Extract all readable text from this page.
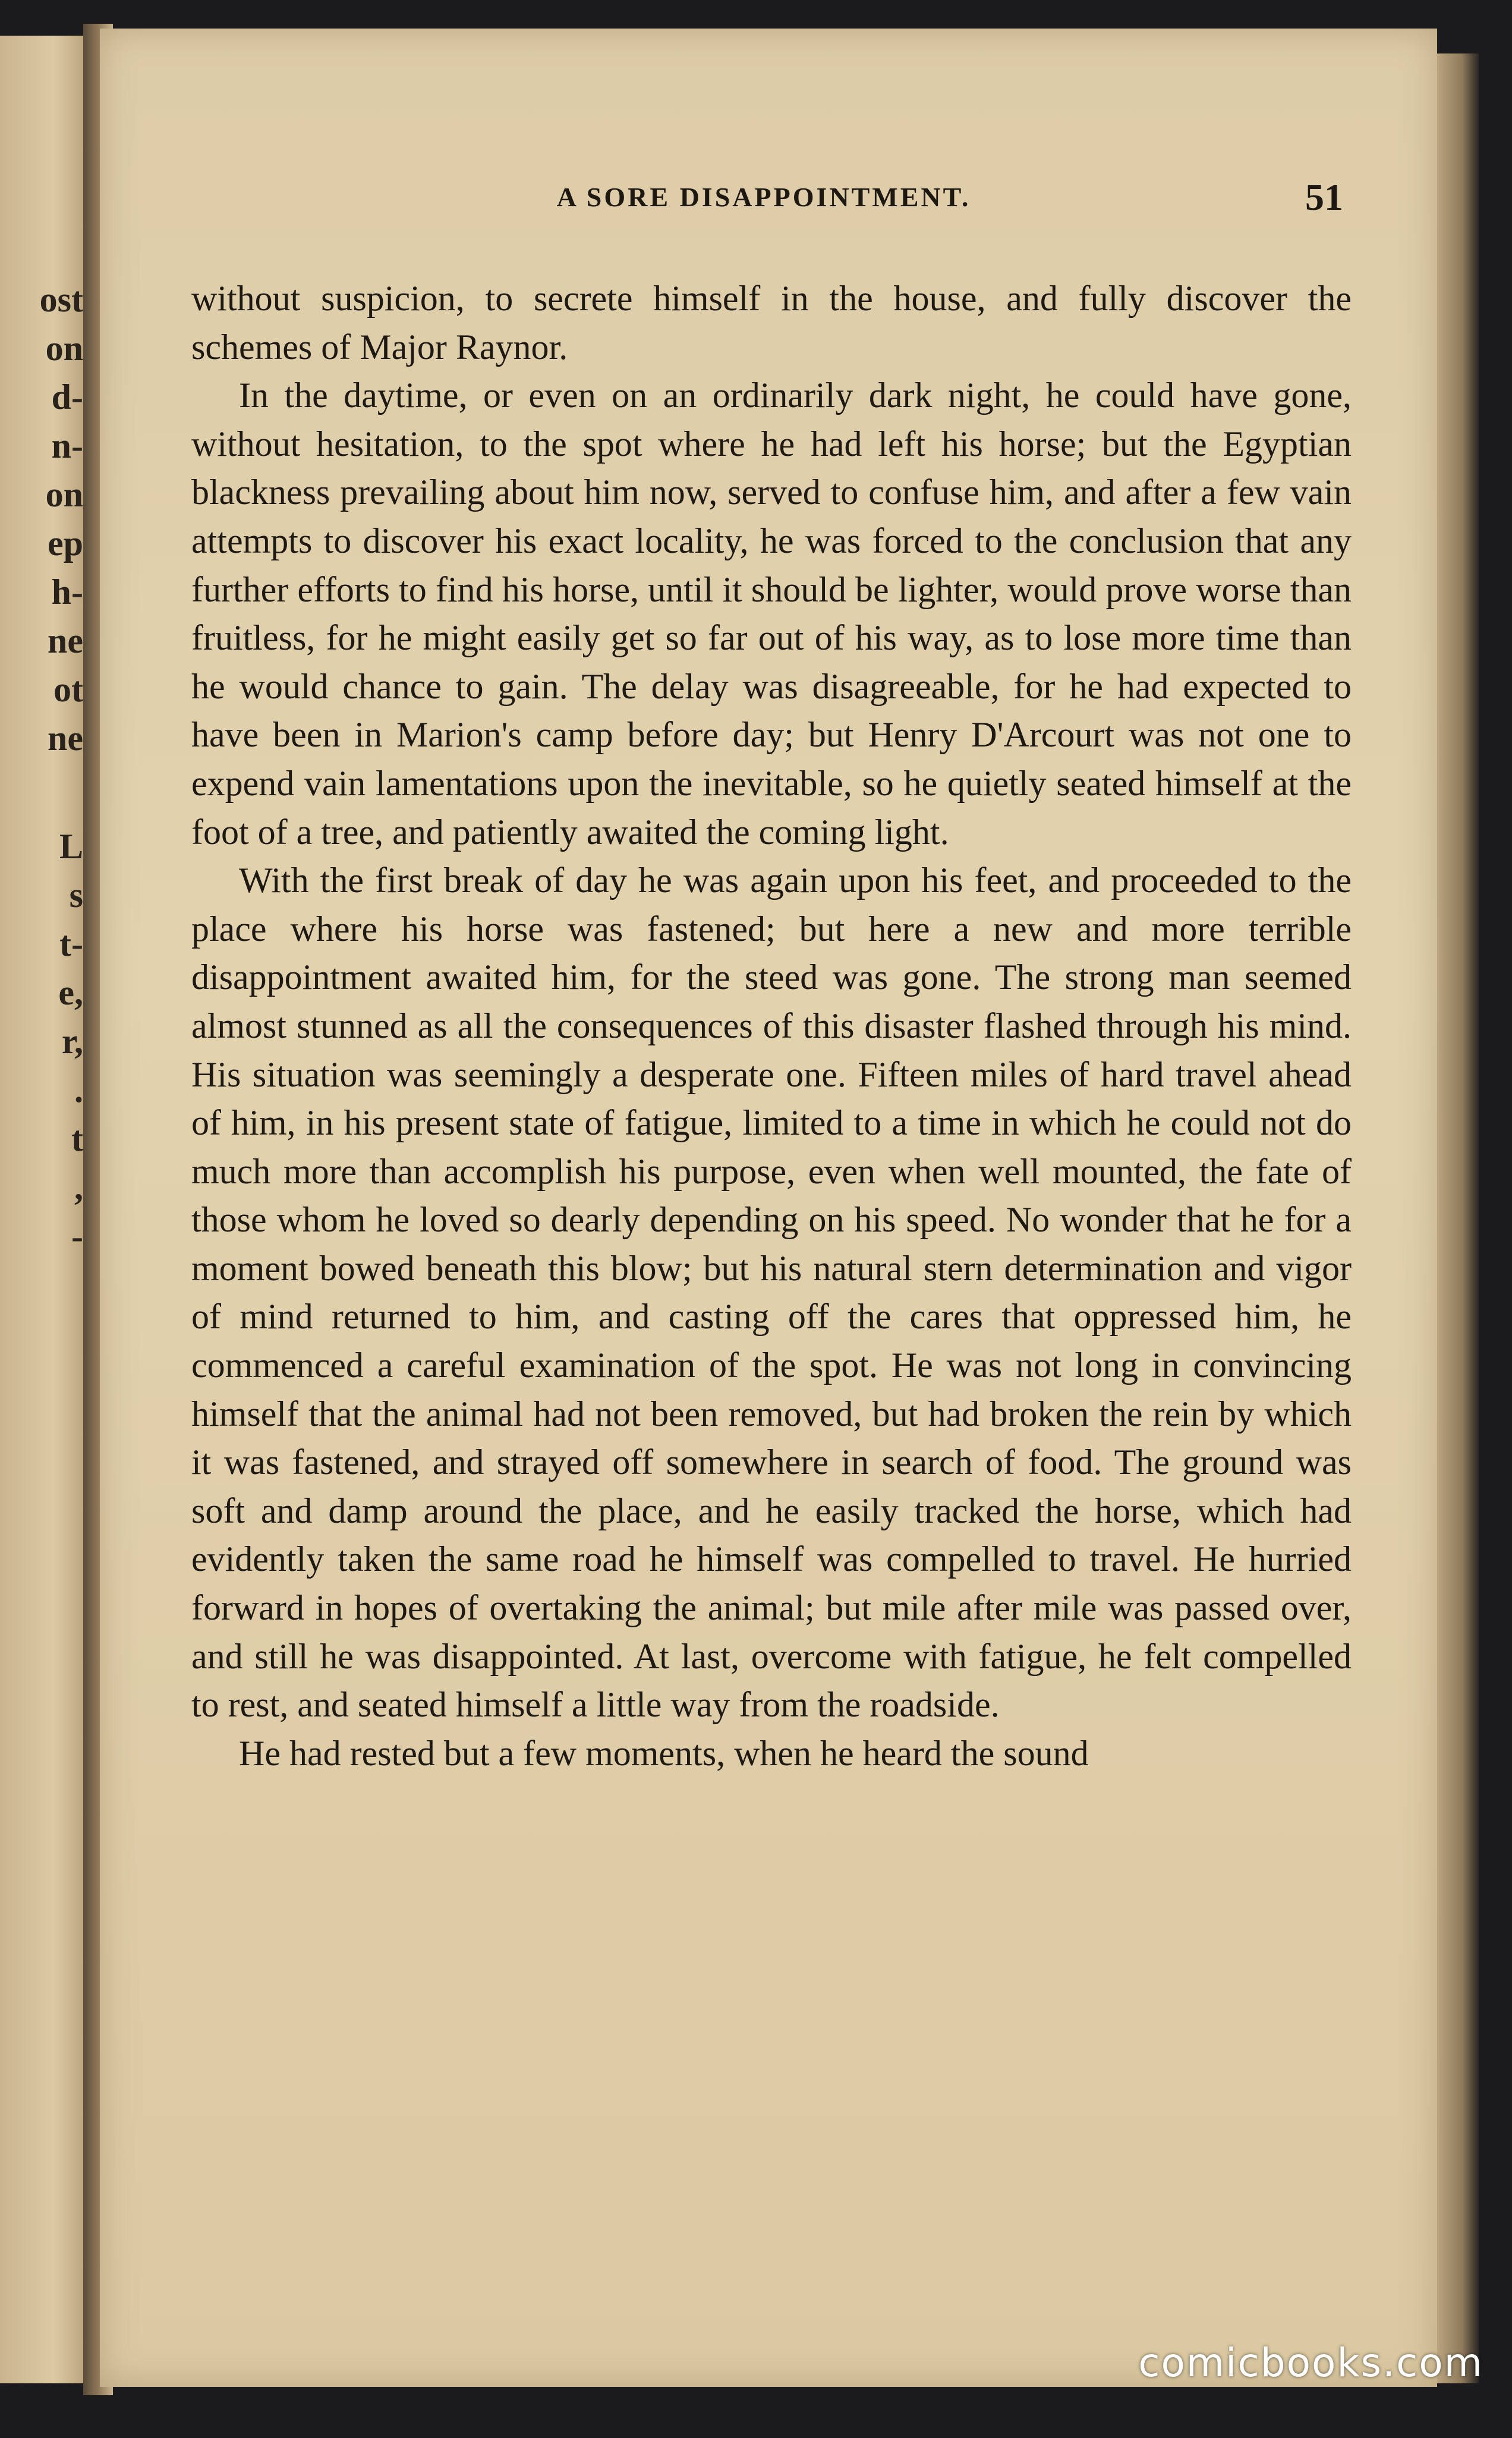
ost
on
d-
n-
on
ep
h-
ne
ot
ne
L
s
t-
e,
r,
.
t
,
-
A SORE DISAPPOINTMENT.	51

without suspicion, to secrete himself in the house, and fully discover the schemes of Major Raynor.

In the daytime, or even on an ordinarily dark night, he could have gone, without hesitation, to the spot where he had left his horse; but the Egyptian blackness prevailing about him now, served to confuse him, and after a few vain attempts to discover his exact locality, he was forced to the conclusion that any further efforts to find his horse, until it should be lighter, would prove worse than fruitless, for he might easily get so far out of his way, as to lose more time than he would chance to gain. The delay was disagreeable, for he had expected to have been in Marion's camp before day; but Henry D'Arcourt was not one to expend vain lamentations upon the inevitable, so he quietly seated himself at the foot of a tree, and patiently awaited the coming light.

With the first break of day he was again upon his feet, and proceeded to the place where his horse was fastened; but here a new and more terrible disappointment awaited him, for the steed was gone. The strong man seemed almost stunned as all the consequences of this disaster flashed through his mind. His situation was seemingly a desperate one. Fifteen miles of hard travel ahead of him, in his present state of fatigue, limited to a time in which he could not do much more than accomplish his purpose, even when well mounted, the fate of those whom he loved so dearly depending on his speed. No wonder that he for a moment bowed beneath this blow; but his natural stern determination and vigor of mind returned to him, and casting off the cares that oppressed him, he commenced a careful examination of the spot. He was not long in convincing himself that the animal had not been removed, but had broken the rein by which it was fastened, and strayed off somewhere in search of food. The ground was soft and damp around the place, and he easily tracked the horse, which had evidently taken the same road he himself was compelled to travel. He hurried forward in hopes of overtaking the animal; but mile after mile was passed over, and still he was disappointed. At last, overcome with fatigue, he felt compelled to rest, and seated himself a little way from the roadside.

He had rested but a few moments, when he heard the sound

comicbooks.com
